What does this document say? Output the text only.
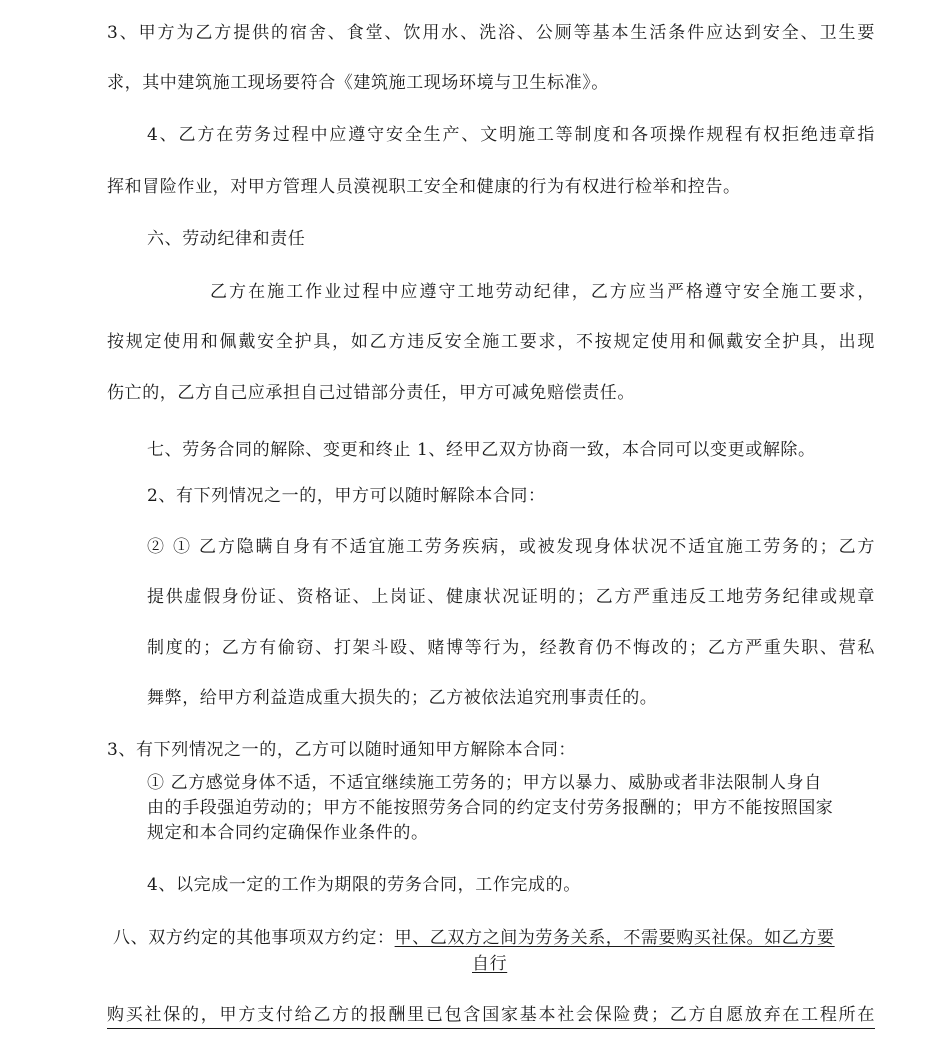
3、甲方为乙方提供的宿舍、食堂、饮用水、洗浴、公厕等基本生活条件应达到安全、卫生要
求，其中建筑施工现场要符合《建筑施工现场环境与卫生标准》。
4、乙方在劳务过程中应遵守安全生产、文明施工等制度和各项操作规程有权拒绝违章指
挥和冒险作业，对甲方管理人员漠视职工安全和健康的行为有权进行检举和控告。
六、劳动纪律和责任
乙方在施工作业过程中应遵守工地劳动纪律，乙方应当严格遵守安全施工要求，
按规定使用和佩戴安全护具，如乙方违反安全施工要求，不按规定使用和佩戴安全护具，出现
伤亡的，乙方自己应承担自己过错部分责任，甲方可减免赔偿责任。
七、劳务合同的解除、变更和终止 1、经甲乙双方协商一致，本合同可以变更或解除。
2、有下列情况之一的，甲方可以随时解除本合同：
② ① 乙方隐瞒自身有不适宜施工劳务疾病，或被发现身体状况不适宜施工劳务的；乙方
提供虚假身份证、资格证、上岗证、健康状况证明的；乙方严重违反工地劳务纪律或规章
制度的；乙方有偷窃、打架斗殴、赌博等行为，经教育仍不悔改的；乙方严重失职、营私
舞弊，给甲方利益造成重大损失的；乙方被依法追究刑事责任的。
3、有下列情况之一的，乙方可以随时通知甲方解除本合同：
① 乙方感觉身体不适，不适宜继续施工劳务的；甲方以暴力、威胁或者非法限制人身自
由的手段强迫劳动的；甲方不能按照劳务合同的约定支付劳务报酬的；甲方不能按照国家
规定和本合同约定确保作业条件的。
4、以完成一定的工作为期限的劳务合同，工作完成的。
八、双方约定的其他事项双方约定：甲、乙双方之间为劳务关系，不需要购买社保。如乙方要
自行
购买社保的，甲方支付给乙方的报酬里已包含国家基本社会保险费；乙方自愿放弃在工程所在
